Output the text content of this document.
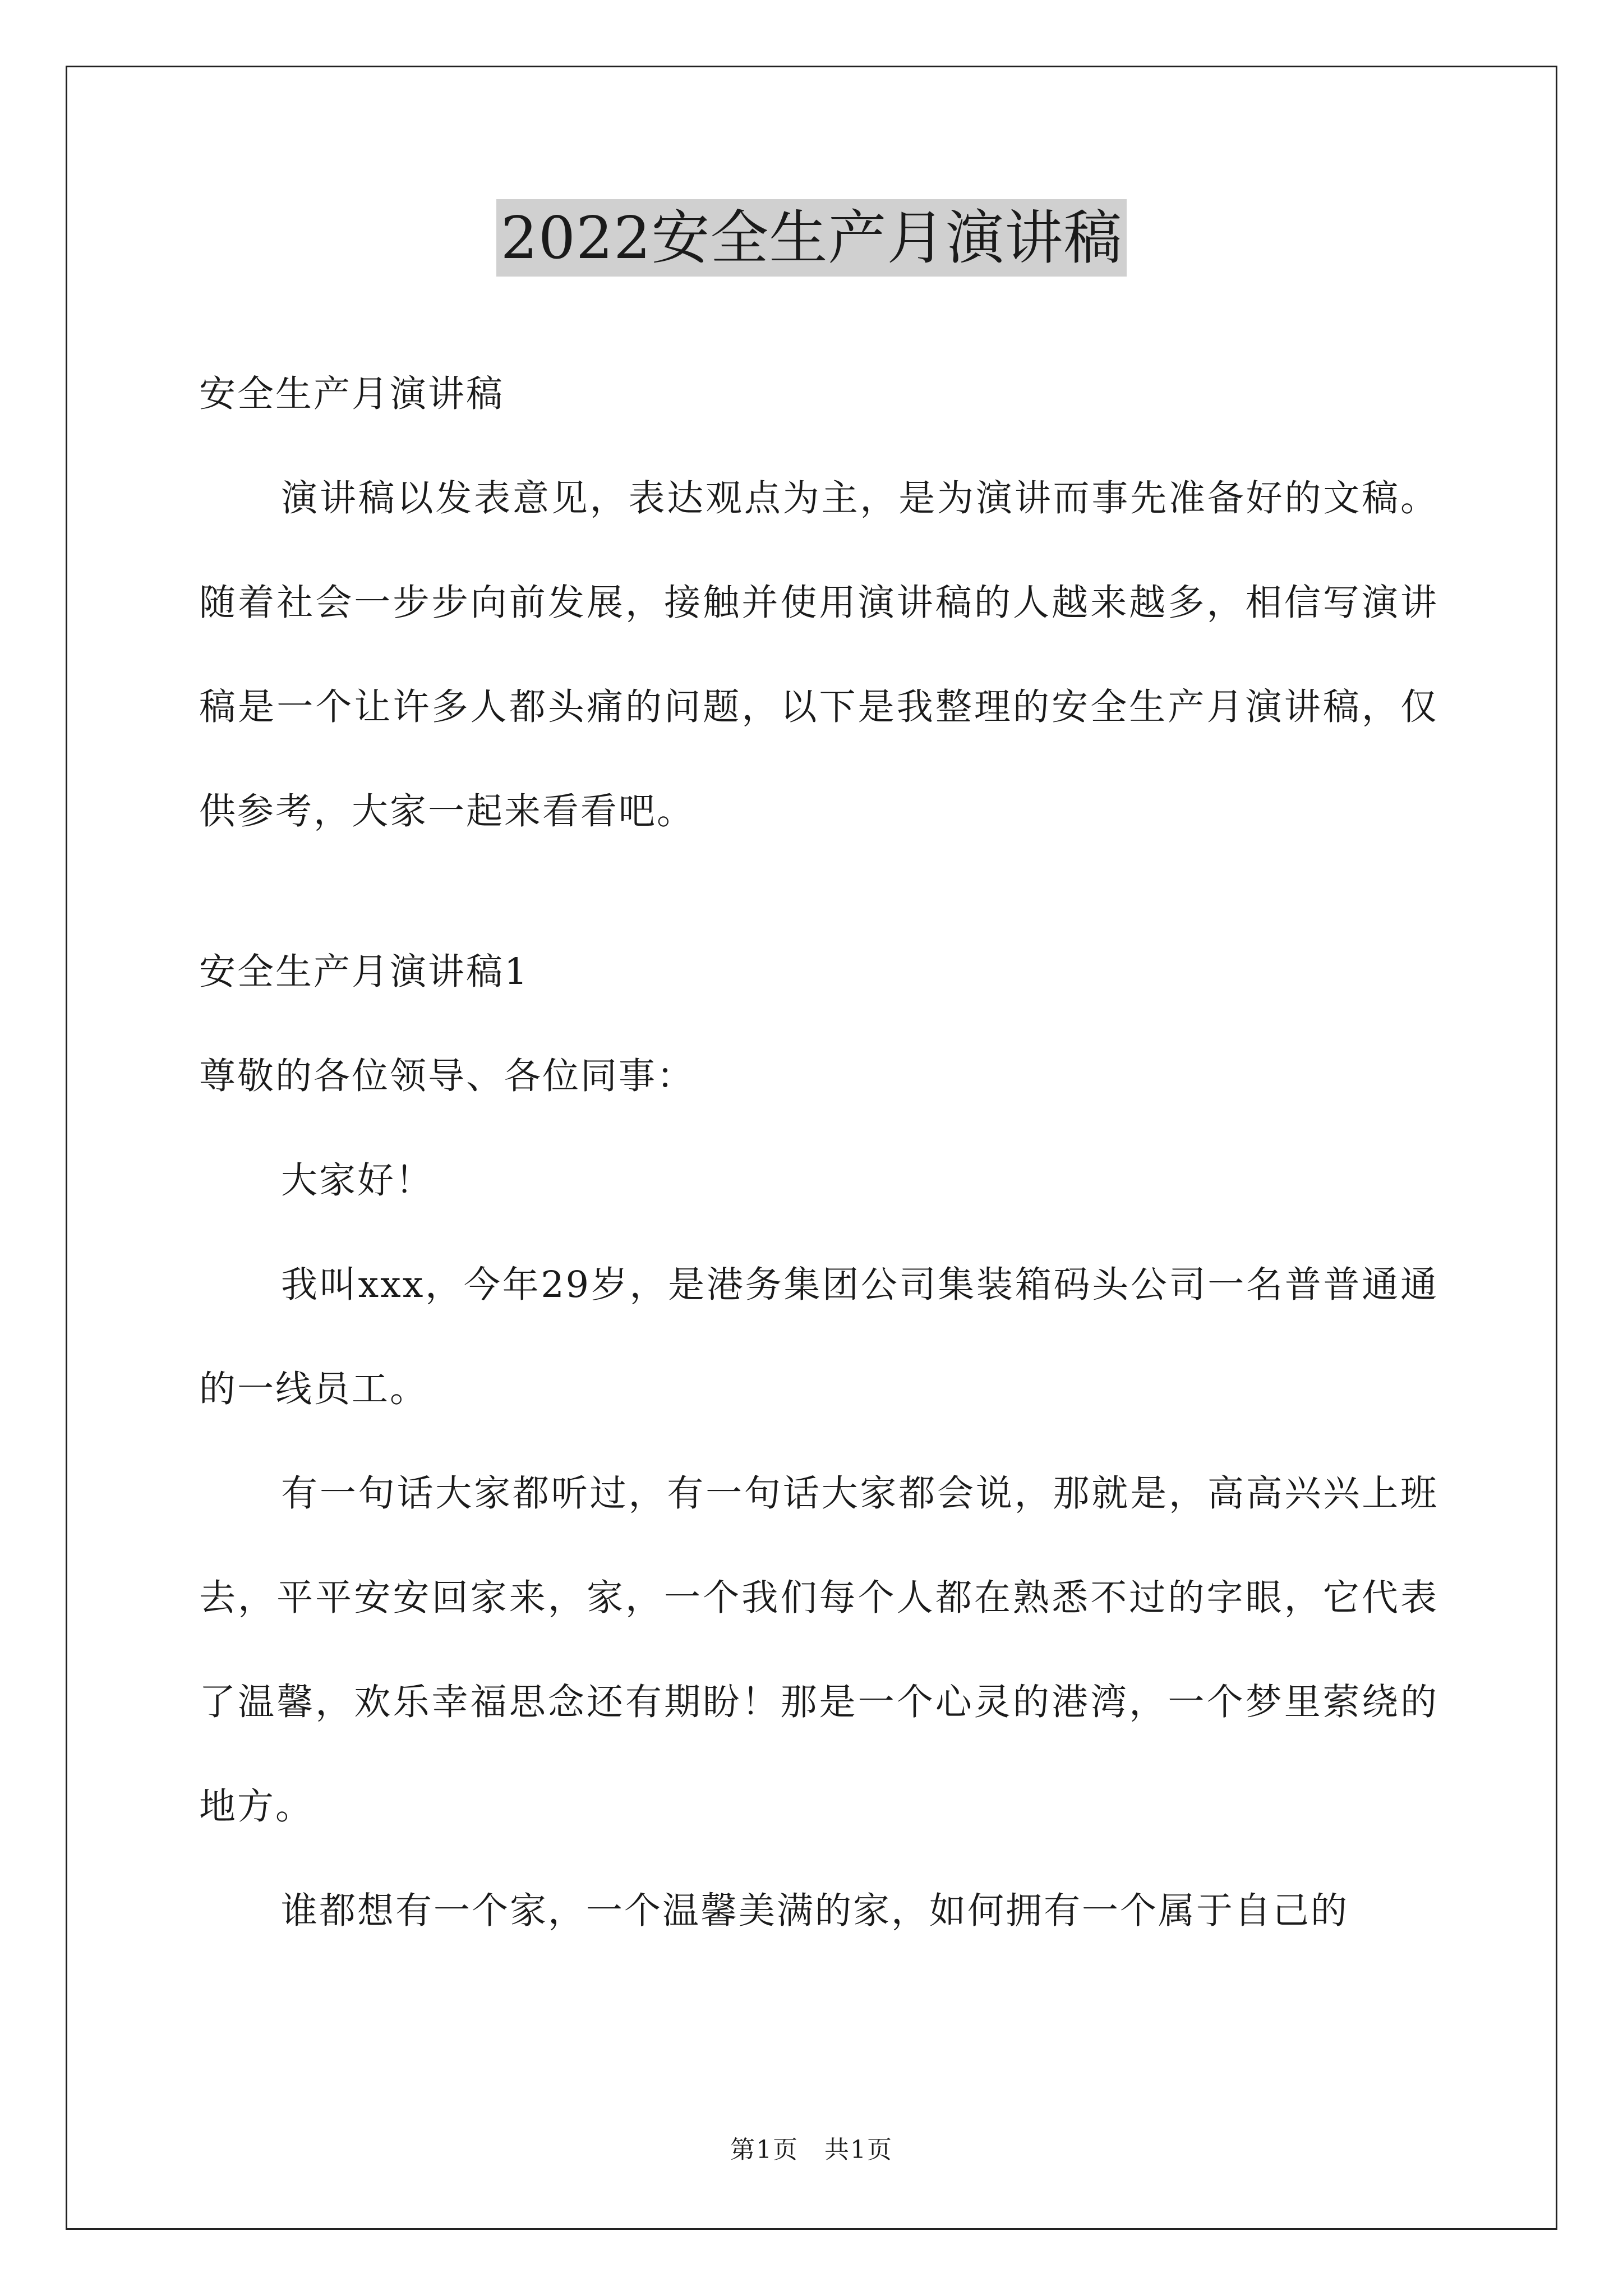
2022安全生产月演讲稿

安全生产月演讲稿

演讲稿以发表意见，表达观点为主，是为演讲而事先准备好的文稿。随着社会一步步向前发展，接触并使用演讲稿的人越来越多，相信写演讲稿是一个让许多人都头痛的问题，以下是我整理的安全生产月演讲稿，仅供参考，大家一起来看看吧。

安全生产月演讲稿1

尊敬的各位领导、各位同事：

大家好！

我叫xxx，今年29岁，是港务集团公司集装箱码头公司一名普普通通的一线员工。

有一句话大家都听过，有一句话大家都会说，那就是，高高兴兴上班去，平平安安回家来，家，一个我们每个人都在熟悉不过的字眼，它代表了温馨，欢乐幸福思念还有期盼！那是一个心灵的港湾，一个梦里萦绕的地方。

谁都想有一个家，一个温馨美满的家，如何拥有一个属于自己的

第1页　共1页
